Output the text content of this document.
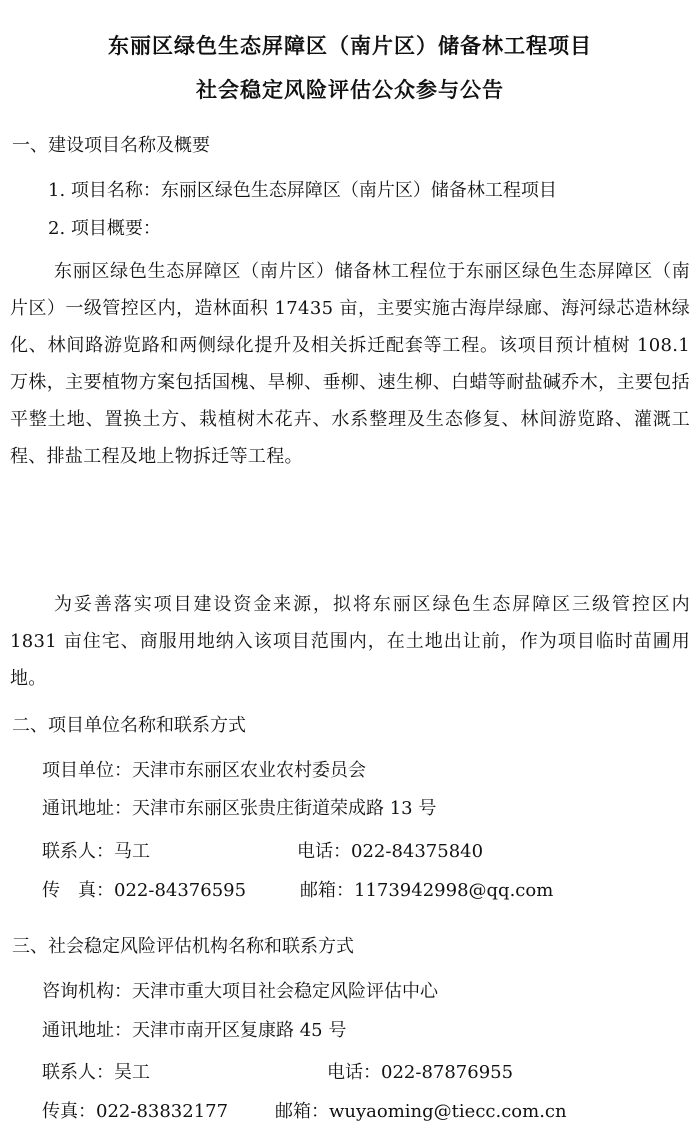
东丽区绿色生态屏障区（南片区）储备林工程项目
社会稳定风险评估公众参与公告
一、建设项目名称及概要
1. 项目名称：东丽区绿色生态屏障区（南片区）储备林工程项目
2. 项目概要：
东丽区绿色生态屏障区（南片区）储备林工程位于东丽区绿色生态屏障区（南片区）一级管控区内，造林面积 17435 亩，主要实施古海岸绿廊、海河绿芯造林绿化、林间路游览路和两侧绿化提升及相关拆迁配套等工程。该项目预计植树 108.1 万株，主要植物方案包括国槐、旱柳、垂柳、速生柳、白蜡等耐盐碱乔木，主要包括平整土地、置换土方、栽植树木花卉、水系整理及生态修复、林间游览路、灌溉工程、排盐工程及地上物拆迁等工程。
为妥善落实项目建设资金来源，拟将东丽区绿色生态屏障区三级管控区内 1831 亩住宅、商服用地纳入该项目范围内，在土地出让前，作为项目临时苗圃用地。
二、项目单位名称和联系方式
项目单位：天津市东丽区农业农村委员会
通讯地址：天津市东丽区张贵庄街道荣成路 13 号
联系人：马工	电话：022-84375840
传　真：022-84376595	邮箱：1173942998@qq.com
三、社会稳定风险评估机构名称和联系方式
咨询机构：天津市重大项目社会稳定风险评估中心
通讯地址：天津市南开区复康路 45 号
联系人：吴工	电话：022-87876955
传真：022-83832177	邮箱：wuyaoming@tiecc.com.cn
